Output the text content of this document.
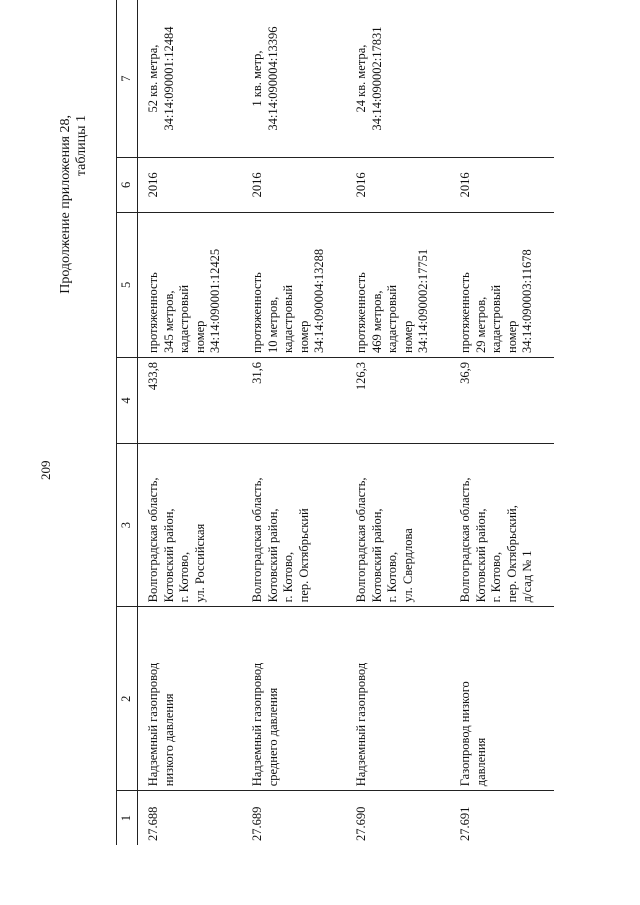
209
Продолжение приложения 28, таблицы 1
1	2	3	4	5	6	7
27.688	Надземный газопровод низкого давления	Волгоградская область, Котовский район, г. Котово, ул. Российская	433,8	протяженность 345 метров, кадастровый номер 34:14:090001:12425	2016	52 кв. метра, 34:14:090001:12484

27.689	Надземный газопровод среднего давления	Волгоградская область, Котовский район, г. Котово, пер. Октябрьский	31,6	протяженность 10 метров, кадастровый номер 34:14:090004:13288	2016	1 кв. метр, 34:14:090004:13396

27.690	Надземный газопровод	Волгоградская область, Котовский район, г. Котово, ул. Свердлова	126,3	протяженность 469 метров, кадастровый номер 34:14:090002:17751	2016	24 кв. метра, 34:14:090002:17831

27.691	Газопровод низкого давления	Волгоградская область, Котовский район, г. Котово, пер. Октябрьский, д/сад № 1	36,9	протяженность 29 метров, кадастровый номер 34:14:090003:11678	2016	
